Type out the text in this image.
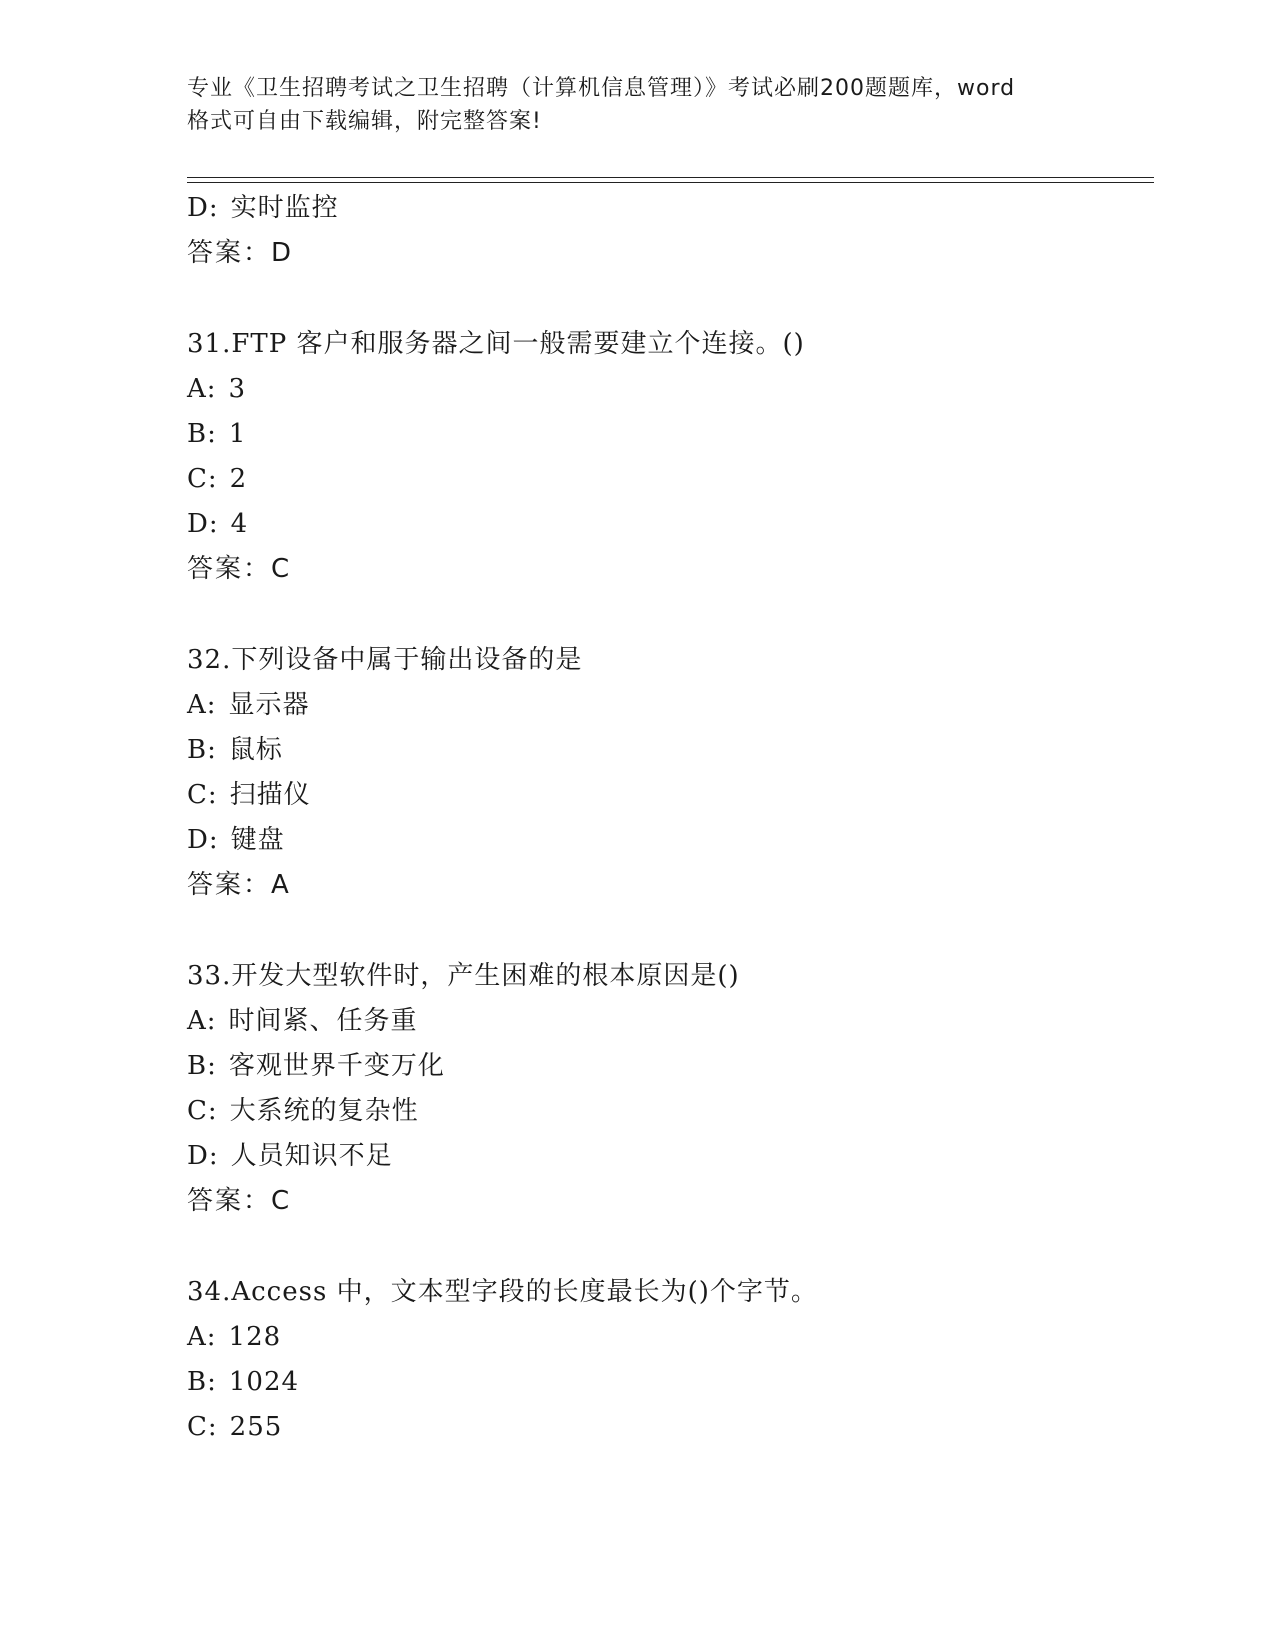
专业《卫生招聘考试之卫生招聘（计算机信息管理）》考试必刷200题题库，word
格式可自由下载编辑，附完整答案!
D: 实时监控
答案：D
31.FTP 客户和服务器之间一般需要建立个连接。()
A: 3
B: 1
C: 2
D: 4
答案：C
32.下列设备中属于输出设备的是
A: 显示器
B: 鼠标
C: 扫描仪
D: 键盘
答案：A
33.开发大型软件时，产生困难的根本原因是()
A: 时间紧、任务重
B: 客观世界千变万化
C: 大系统的复杂性
D: 人员知识不足
答案：C
34.Access 中，文本型字段的长度最长为()个字节。
A: 128
B: 1024
C: 255
